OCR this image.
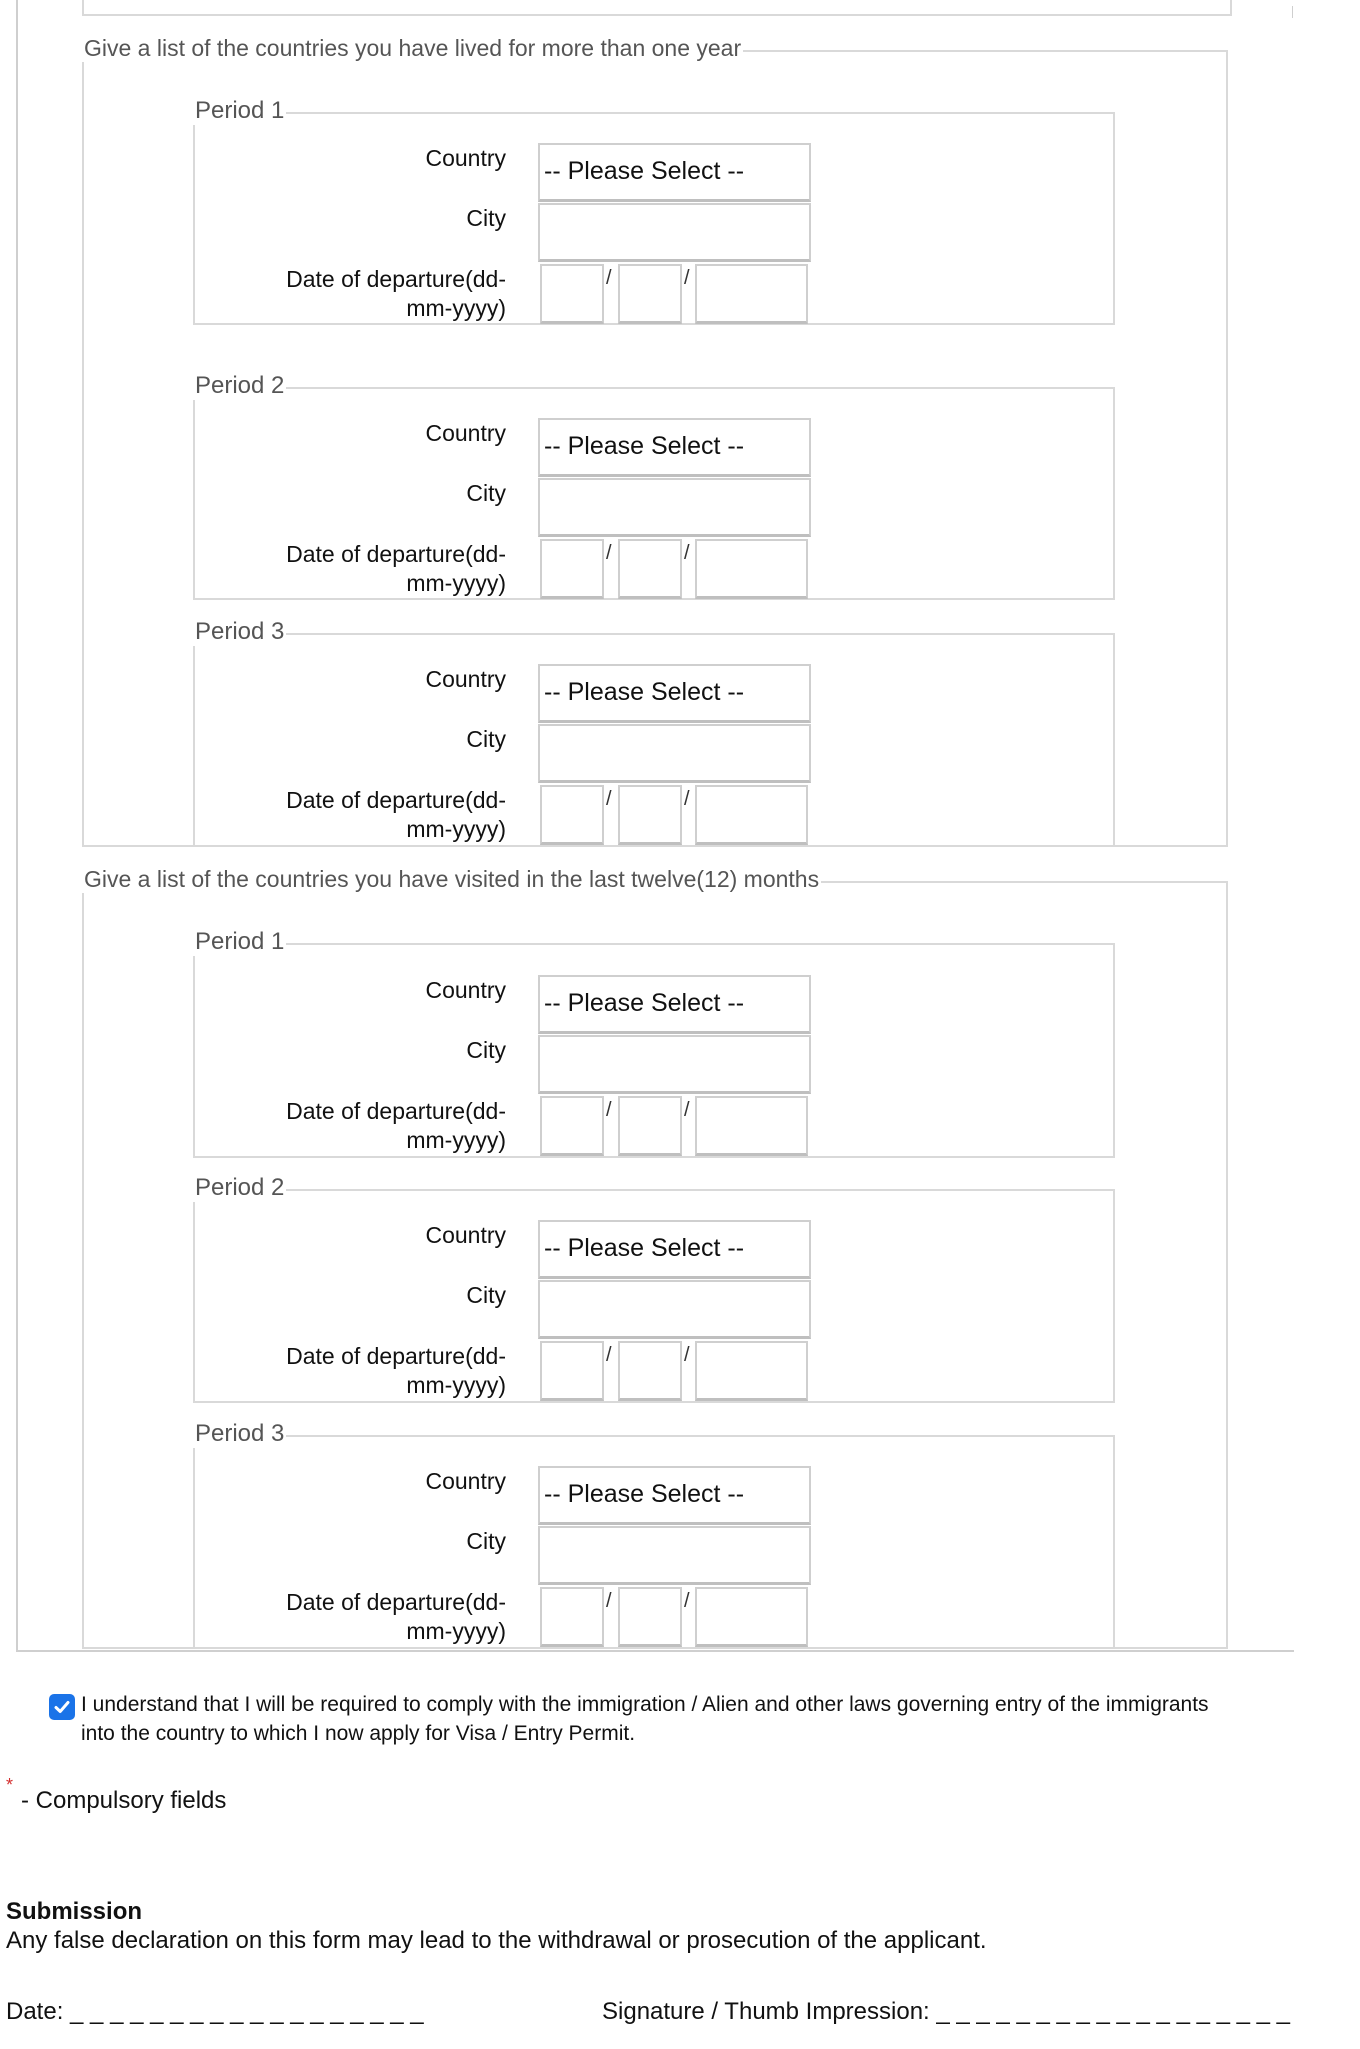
Give a list of the countries you have lived for more than one year
Period 1
Country -- Please Select --
City
Date of departure(dd-
mm-yyyy)
/	/
Period 2
Country -- Please Select --
City
Date of departure(dd-
mm-yyyy)
/	/
Period 3
Country -- Please Select --
City
Date of departure(dd-
mm-yyyy)
/	/
Give a list of the countries you have visited in the last twelve(12) months
Period 1
Country -- Please Select --
City
Date of departure(dd-
mm-yyyy)
/	/
Period 2
Country -- Please Select --
City
Date of departure(dd-
mm-yyyy)
/	/
Period 3
Country -- Please Select --
City
Date of departure(dd-
mm-yyyy)
/	/
I understand that I will be required to comply with the immigration / Alien and other laws governing entry of the immigrants
into the country to which I now apply for Visa / Entry Permit.
*
- Compulsory fields
Submission
Any false declaration on this form may lead to the withdrawal or prosecution of the applicant.
Date: _ _ _ _ _ _ _ _ _ _ _ _ _ _ _ _ _ _	Signature / Thumb Impression: _ _ _ _ _ _ _ _ _ _ _ _ _ _ _ _ _ _
